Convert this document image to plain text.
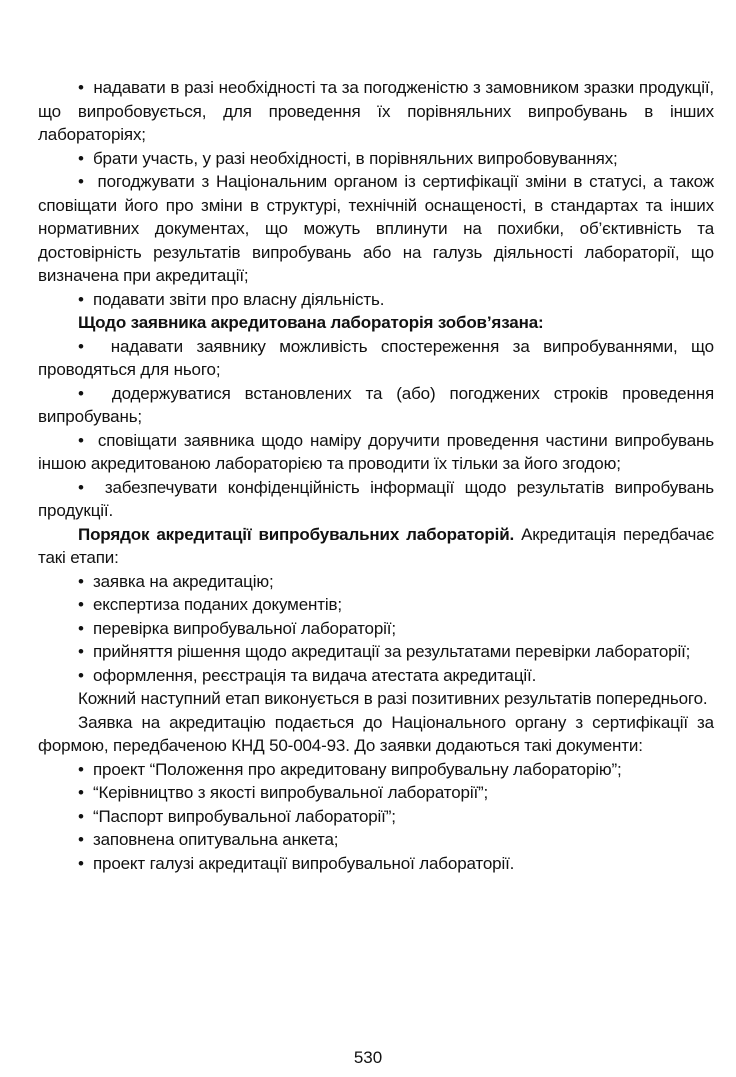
•  надавати в разі необхідності та за погодженістю з замовником зразки продукції, що випробовується, для проведення їх порівняльних випробувань в інших лабораторіях;

•  брати участь, у разі необхідності, в порівняльних випробовуваннях;

•  погоджувати з Національним органом із сертифікації зміни в статусі, а також сповіщати його про зміни в структурі, технічній оснащеності, в стандартах та інших нормативних документах, що можуть вплинути на похибки, об’єктивність та достовірність результатів випробувань або на галузь діяльності лабораторії, що визначена при акредитації;

•  подавати звіти про власну діяльність.

Щодо заявника акредитована лабораторія зобов’язана:

•  надавати заявнику можливість спостереження за випробуваннями, що проводяться для нього;

•  додержуватися встановлених та (або) погоджених строків проведення випробувань;

•  сповіщати заявника щодо наміру доручити проведення частини випробувань іншою акредитованою лабораторією та проводити їх тільки за його згодою;

•  забезпечувати конфіденційність інформації щодо результатів випробувань продукції.

Порядок акредитації випробувальних лабораторій. Акредитація передбачає такі етапи:

•  заявка на акредитацію;

•  експертиза поданих документів;

•  перевірка випробувальної лабораторії;

•  прийняття рішення щодо акредитації за результатами перевірки лабораторії;

•  оформлення, реєстрація та видача атестата акредитації.

Кожний наступний етап виконується в разі позитивних результатів попереднього.

Заявка на акредитацію подається до Національного органу з сертифікації за формою, передбаченою КНД 50-004-93. До заявки додаються такі документи:

•  проект “Положення про акредитовану випробувальну лабораторію”;

•  “Керівництво з якості випробувальної лабораторії”;

•  “Паспорт випробувальної лабораторії”;

•  заповнена опитувальна анкета;

•  проект галузі акредитації випробувальної лабораторії.

530
